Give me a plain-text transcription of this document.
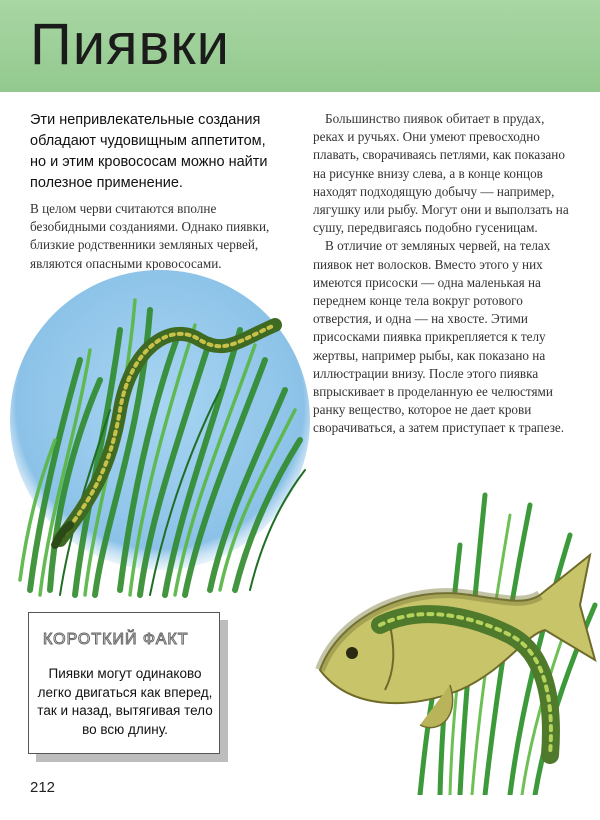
Пиявки

Эти непривлекательные создания обладают чудовищным аппетитом, но и этим кровососам можно найти полезное применение.

В целом черви считаются вполне безобидными созданиями. Однако пиявки, близкие родственники земляных червей, являются опасными кровососами.

Большинство пиявок обитает в прудах, реках и ручьях. Они умеют превосходно плавать, сворачиваясь петлями, как показано на рисунке внизу слева, а в конце концов находят подходящую добычу — например, лягушку или рыбу. Могут они и выползать на сушу, передвигаясь подобно гусеницам.

В отличие от земляных червей, на телах пиявок нет волосков. Вместо этого у них имеются присоски — одна маленькая на переднем конце тела вокруг ротового отверстия, и одна — на хвосте. Этими присосками пиявка прикрепляется к телу жертвы, например рыбы, как показано на иллюстрации внизу. После этого пиявка впрыскивает в проделанную ее челюстями ранку вещество, которое не дает крови сворачиваться, а затем приступает к трапезе.

КОРОТКИЙ ФАКТ
Пиявки могут одинаково легко двигаться как вперед, так и назад, вытягивая тело во всю длину.
212
